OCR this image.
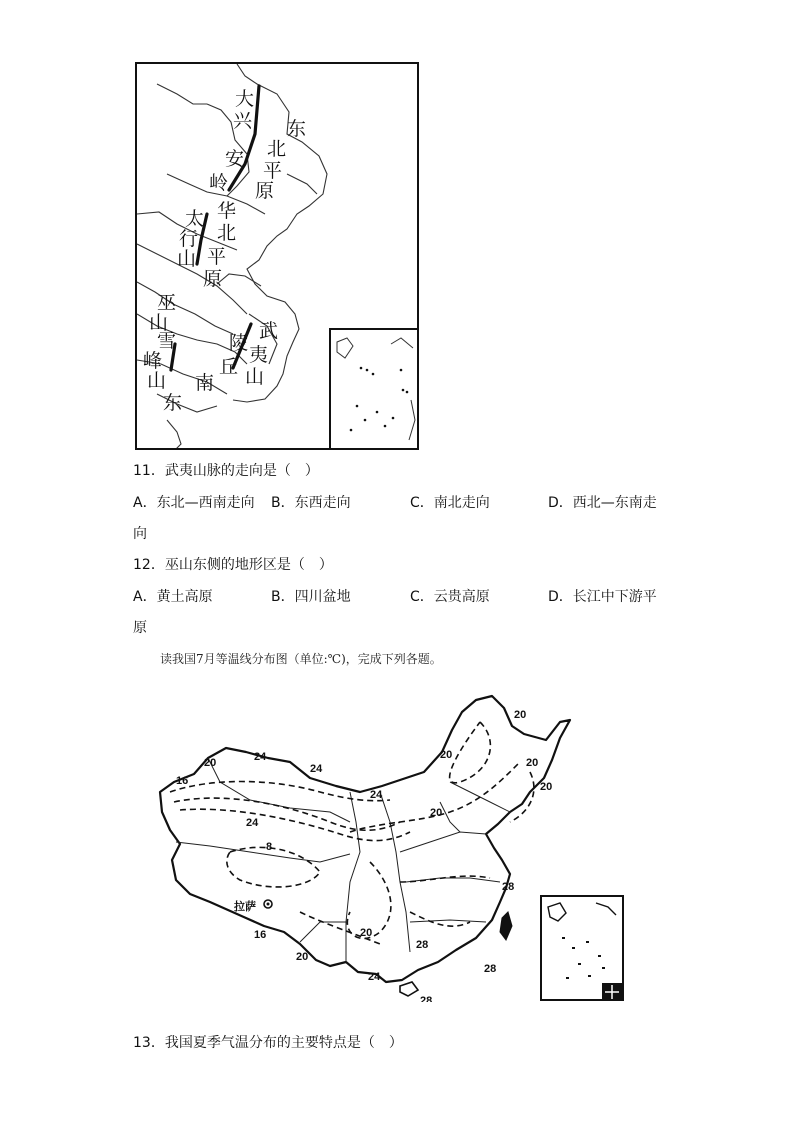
大
兴
安
岭
东
北
平
原
太
行
山
华
北
平
原
巫
山
雪
峰
山
武
夷
山
陵
丘
东
南
11．武夷山脉的走向是（　）
A．东北—西南走向 B．东西走向	C．南北走向	D．西北—东南走
向
12．巫山东侧的地形区是（　）
A．黄土高原	B．四川盆地	C．云贵高原	D．长江中下游平
原
读我国7月等温线分布图（单位:℃)，完成下列各题。
20	24
24
16
24
24
8
20
20
20
20
20
28
16
20
24
28
28
28
20
拉萨
13．我国夏季气温分布的主要特点是（　）
